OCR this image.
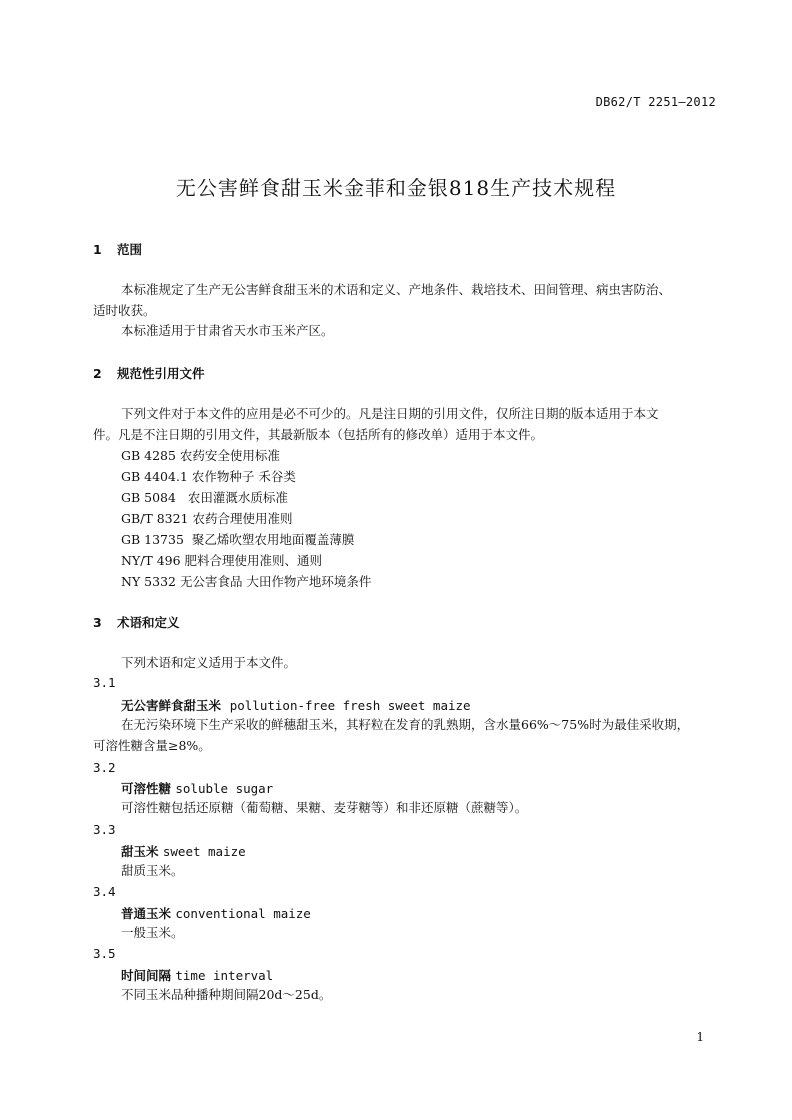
DB62/T 2251—2012
无公害鲜食甜玉米金菲和金银818生产技术规程
1 范围
本标准规定了生产无公害鲜食甜玉米的术语和定义、产地条件、栽培技术、田间管理、病虫害防治、
适时收获。
本标准适用于甘肃省天水市玉米产区。
2 规范性引用文件
下列文件对于本文件的应用是必不可少的。凡是注日期的引用文件，仅所注日期的版本适用于本文
件。凡是不注日期的引用文件，其最新版本（包括所有的修改单）适用于本文件。
GB 4285 农药安全使用标准
GB 4404.1 农作物种子 禾谷类
GB 5084   农田灌溉水质标准
GB/T 8321 农药合理使用准则
GB 13735  聚乙烯吹塑农用地面覆盖薄膜
NY/T 496 肥料合理使用准则、通则
NY 5332 无公害食品 大田作物产地环境条件
3 术语和定义
下列术语和定义适用于本文件。
3.1
无公害鲜食甜玉米 pollution-free fresh sweet maize
在无污染环境下生产采收的鲜穗甜玉米，其籽粒在发育的乳熟期，含水量66%～75%时为最佳采收期，
可溶性糖含量≥8%。
3.2
可溶性糖 soluble sugar
可溶性糖包括还原糖（葡萄糖、果糖、麦芽糖等）和非还原糖（蔗糖等）。
3.3
甜玉米 sweet maize
甜质玉米。
3.4
普通玉米 conventional maize
一般玉米。
3.5
时间间隔 time interval
不同玉米品种播种期间隔20d～25d。
1
